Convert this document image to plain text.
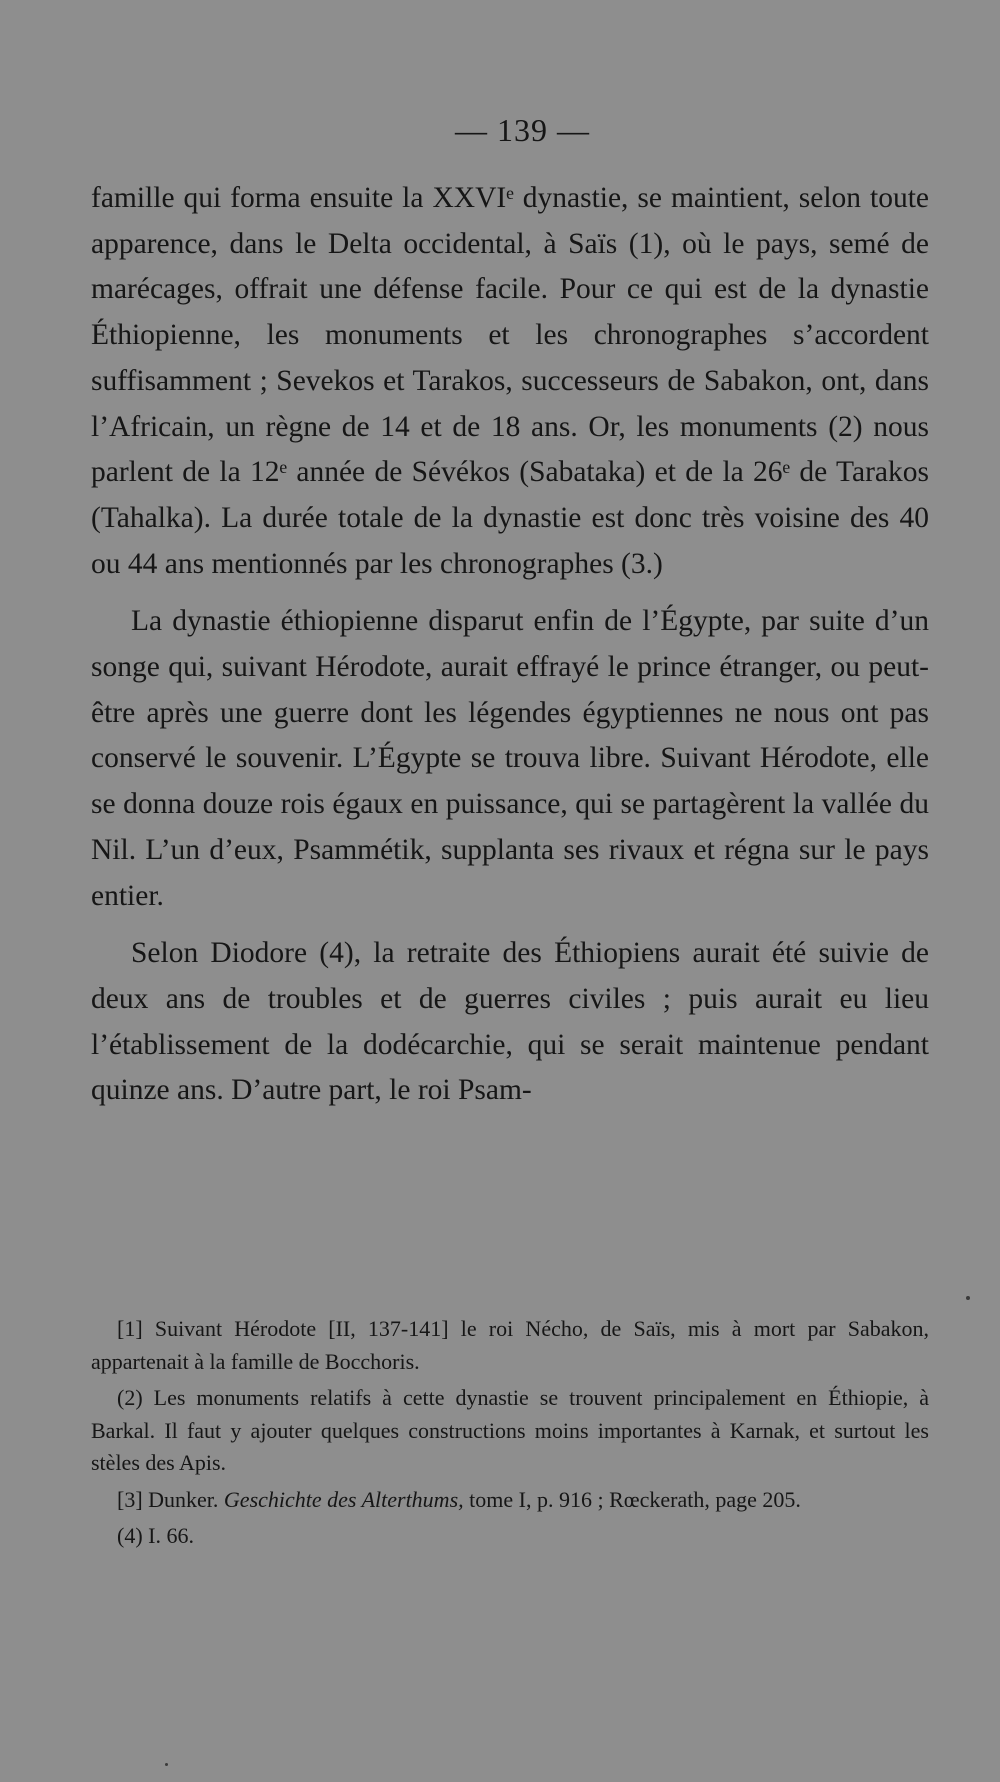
— 139 —

famille qui forma ensuite la XXVIᵉ dynastie, se maintient, selon toute apparence, dans le Delta occidental, à Saïs (1), où le pays, semé de marécages, offrait une défense facile. Pour ce qui est de la dynastie Éthiopienne, les monuments et les chronographes s’accordent suffisamment ; Sevekos et Tarakos, successeurs de Sabakon, ont, dans l’Africain, un règne de 14 et de 18 ans. Or, les monuments (2) nous parlent de la 12ᵉ année de Sévékos (Sabataka) et de la 26ᵉ de Tarakos (Tahalka). La durée totale de la dynastie est donc très voisine des 40 ou 44 ans mentionnés par les chronographes (3.)

La dynastie éthiopienne disparut enfin de l’Égypte, par suite d’un songe qui, suivant Hérodote, aurait effrayé le prince étranger, ou peut-être après une guerre dont les légendes égyptiennes ne nous ont pas conservé le souvenir. L’Égypte se trouva libre. Suivant Hérodote, elle se donna douze rois égaux en puissance, qui se partagèrent la vallée du Nil. L’un d’eux, Psammétik, supplanta ses rivaux et régna sur le pays entier.

Selon Diodore (4), la retraite des Éthiopiens aurait été suivie de deux ans de troubles et de guerres civiles ; puis aurait eu lieu l’établissement de la dodécarchie, qui se serait maintenue pendant quinze ans. D’autre part, le roi Psam-

[1] Suivant Hérodote [II, 137-141] le roi Nécho, de Saïs, mis à mort par Sabakon, appartenait à la famille de Bocchoris.

(2) Les monuments relatifs à cette dynastie se trouvent principalement en Éthiopie, à Barkal. Il faut y ajouter quelques constructions moins importantes à Karnak, et surtout les stèles des Apis.

[3] Dunker. Geschichte des Alterthums, tome I, p. 916 ; Rœckerath, page 205.

(4) I. 66.
